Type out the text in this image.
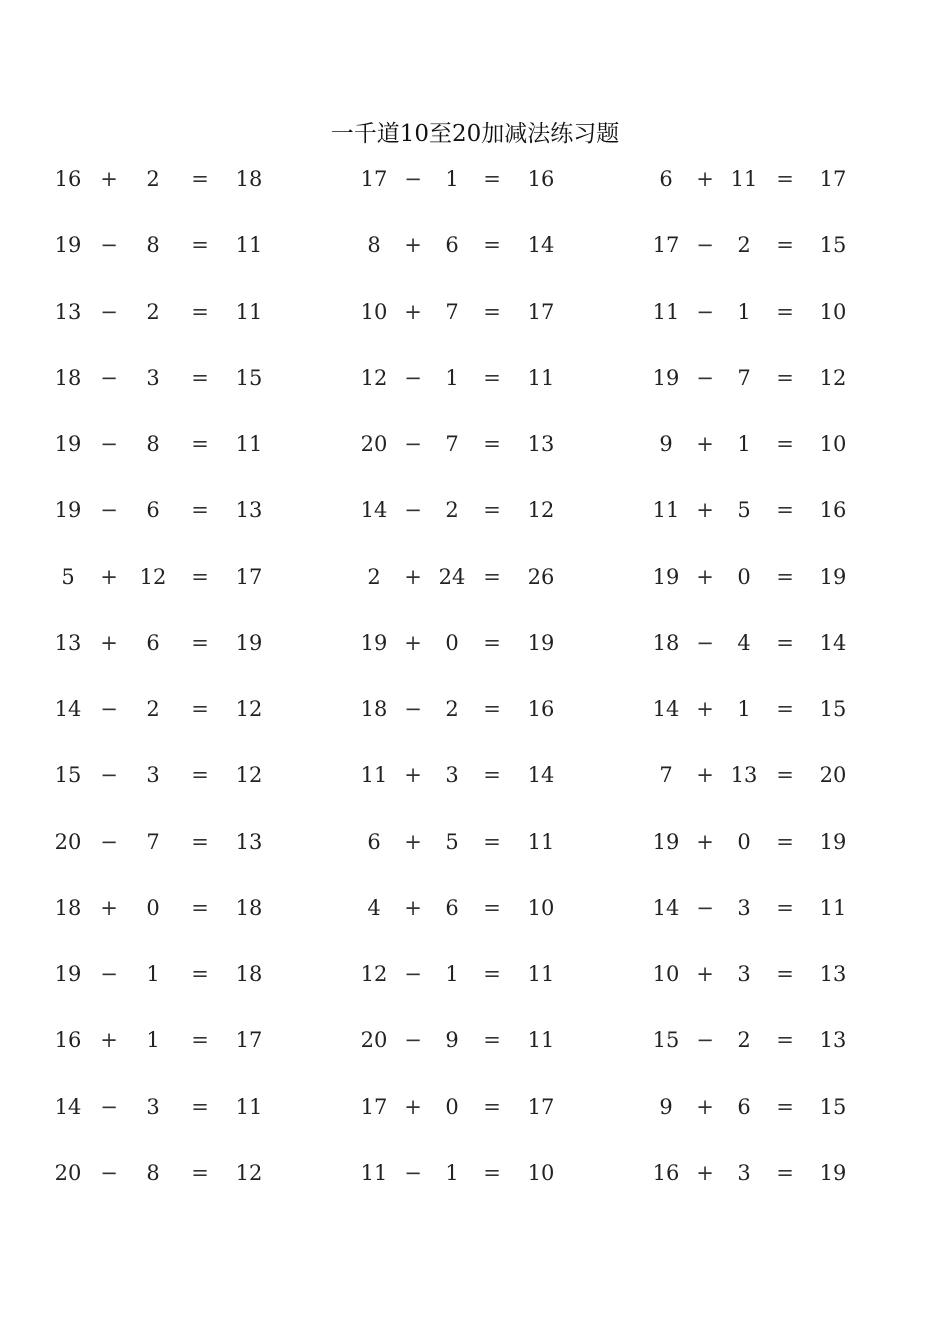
一千道10至20加减法练习题
16 +	2	=	18	17 −	1	=	16	6	+ 11 =	17
19 −	8	=	11	8	+	6	=	14	17 −	2	=	15
13 −	2	=	11	10 +	7	=	17	11 −	1	=	10
18 −	3	=	15	12 −	1	=	11	19 −	7	=	12
19 −	8	=	11	20 −	7	=	13	9	+	1	=	10
19 −	6	=	13	14 −	2	=	12	11 +	5	=	16
5	+	12	=	17	2	+ 24 =	26	19 +	0	=	19
13 +	6	=	19	19 +	0	=	19	18 −	4	=	14
14 −	2	=	12	18 −	2	=	16	14 +	1	=	15
15 −	3	=	12	11 +	3	=	14	7	+ 13 =	20
20 −	7	=	13	6	+	5	=	11	19 +	0	=	19
18 +	0	=	18	4	+	6	=	10	14 −	3	=	11
19 −	1	=	18	12 −	1	=	11	10 +	3	=	13
16 +	1	=	17	20 −	9	=	11	15 −	2	=	13
14 −	3	=	11	17 +	0	=	17	9	+	6	=	15
20 −	8	=	12	11 −	1	=	10	16 +	3	=	19
